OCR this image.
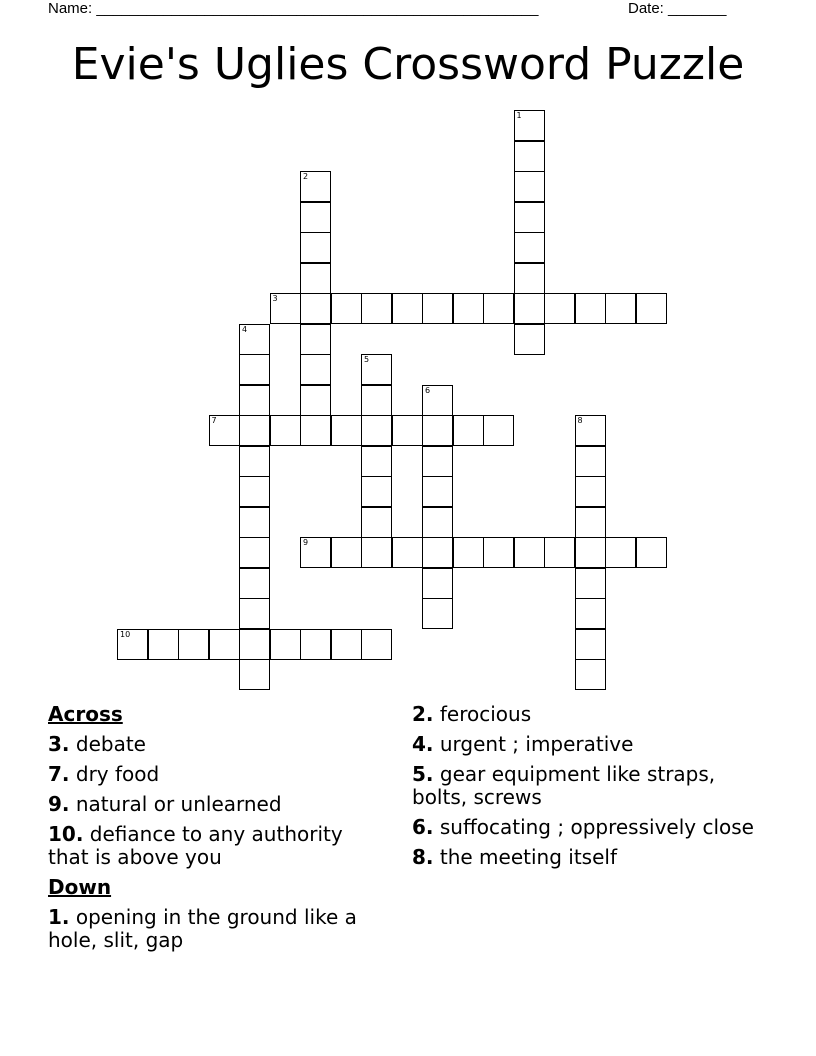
Name: _____________________________________________________	Date: _______
Evie's Uglies Crossword Puzzle
1
2
3
4
5
6
7	8
9
10
Across
3. debate
7. dry food
9. natural or unlearned
10. defiance to any authority that is above you
Down
1. opening in the ground like a hole, slit, gap
2. ferocious
4. urgent ; imperative
5. gear equipment like straps, bolts, screws
6. suffocating ; oppressively close
8. the meeting itself
